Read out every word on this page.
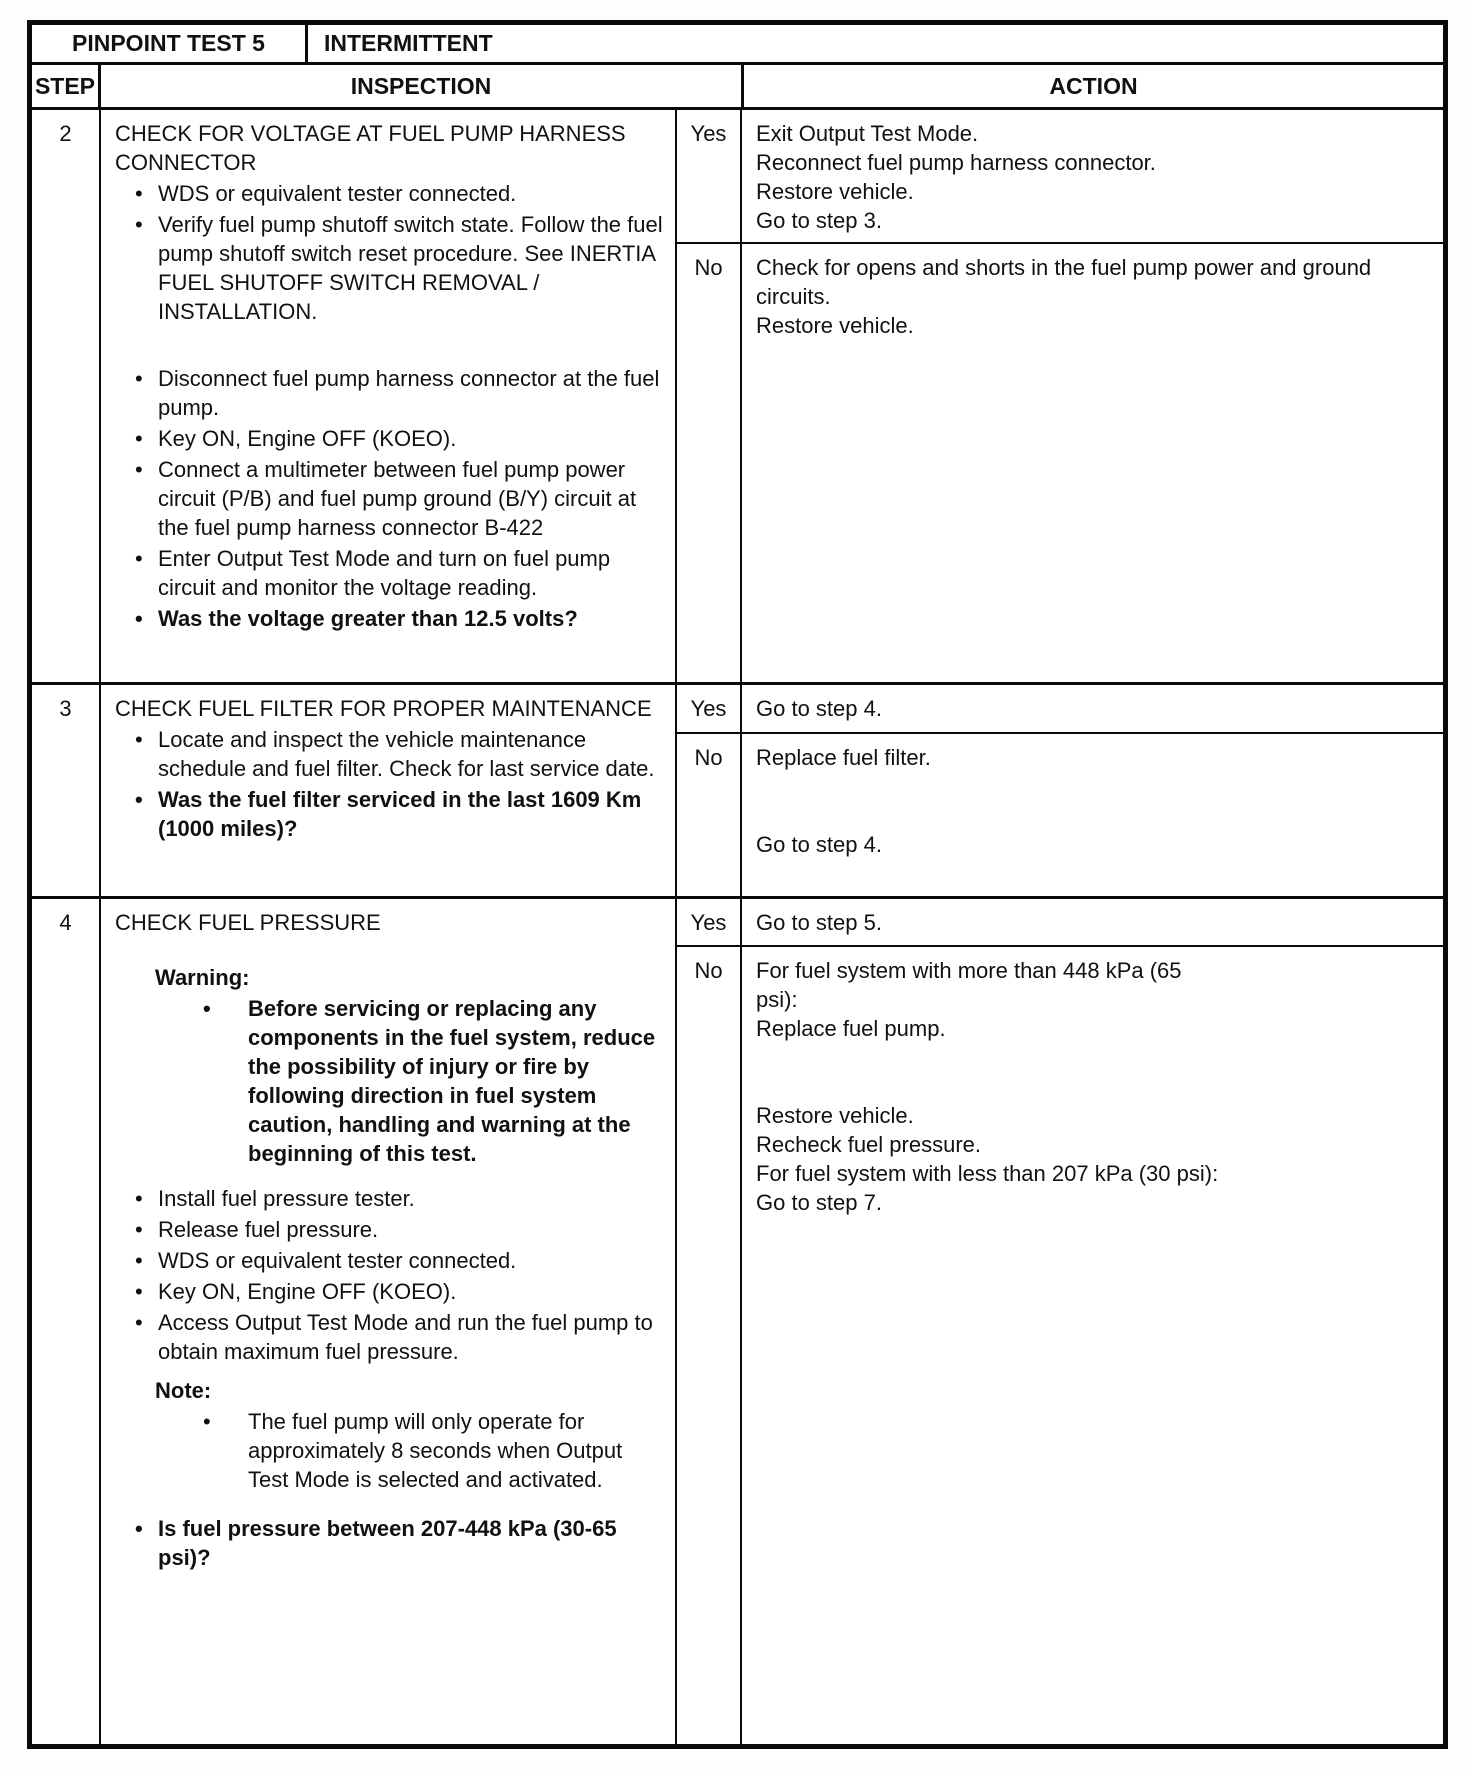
PINPOINT TEST 5	INTERMITTENT
STEP	INSPECTION	ACTION
2	CHECK FOR VOLTAGE AT FUEL PUMP HARNESS CONNECTOR
• WDS or equivalent tester connected.
• Verify fuel pump shutoff switch state. Follow the fuel pump shutoff switch reset procedure. See INERTIA FUEL SHUTOFF SWITCH REMOVAL / INSTALLATION.
• Disconnect fuel pump harness connector at the fuel pump.
• Key ON, Engine OFF (KOEO).
• Connect a multimeter between fuel pump power circuit (P/B) and fuel pump ground (B/Y) circuit at the fuel pump harness connector B-422
• Enter Output Test Mode and turn on fuel pump circuit and monitor the voltage reading.
• Was the voltage greater than 12.5 volts?
Yes	Exit Output Test Mode.
Reconnect fuel pump harness connector.
Restore vehicle.
Go to step 3.
No	Check for opens and shorts in the fuel pump power and ground circuits.
Restore vehicle.
3	CHECK FUEL FILTER FOR PROPER MAINTENANCE
• Locate and inspect the vehicle maintenance schedule and fuel filter. Check for last service date.
• Was the fuel filter serviced in the last 1609 Km (1000 miles)?
Yes	Go to step 4.
No	Replace fuel filter.
Go to step 4.
4	CHECK FUEL PRESSURE
Warning:
• Before servicing or replacing any components in the fuel system, reduce the possibility of injury or fire by following direction in fuel system caution, handling and warning at the beginning of this test.
• Install fuel pressure tester.
• Release fuel pressure.
• WDS or equivalent tester connected.
• Key ON, Engine OFF (KOEO).
• Access Output Test Mode and run the fuel pump to obtain maximum fuel pressure.
Note:
• The fuel pump will only operate for approximately 8 seconds when Output Test Mode is selected and activated.
• Is fuel pressure between 207-448 kPa (30-65 psi)?
Yes	Go to step 5.
No	For fuel system with more than 448 kPa (65
psi):
Replace fuel pump.
Restore vehicle.
Recheck fuel pressure.
For fuel system with less than 207 kPa (30 psi):
Go to step 7.
